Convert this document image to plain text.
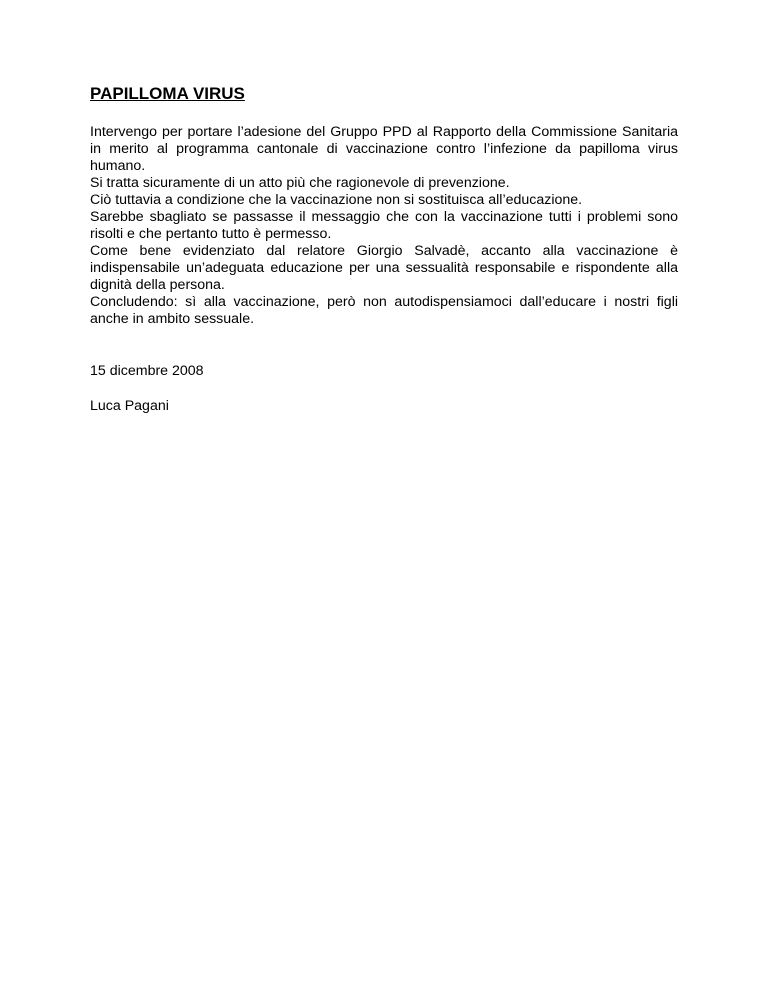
PAPILLOMA VIRUS

Intervengo per portare l’adesione del Gruppo PPD al Rapporto della Commissione Sanitaria in merito al programma cantonale di vaccinazione contro l’infezione da papilloma virus humano.

Si tratta sicuramente di un atto più che ragionevole di prevenzione.

Ciò tuttavia a condizione che la vaccinazione non si sostituisca all’educazione.

Sarebbe sbagliato se passasse il messaggio che con la vaccinazione tutti i problemi sono risolti e che pertanto tutto è permesso.

Come bene evidenziato dal relatore Giorgio Salvadè, accanto alla vaccinazione è indispensabile un’adeguata educazione per una sessualità responsabile e rispondente alla dignità della persona.

Concludendo: sì alla vaccinazione, però non autodispensiamoci dall’educare i nostri figli anche in ambito sessuale.

15 dicembre 2008
Luca Pagani
